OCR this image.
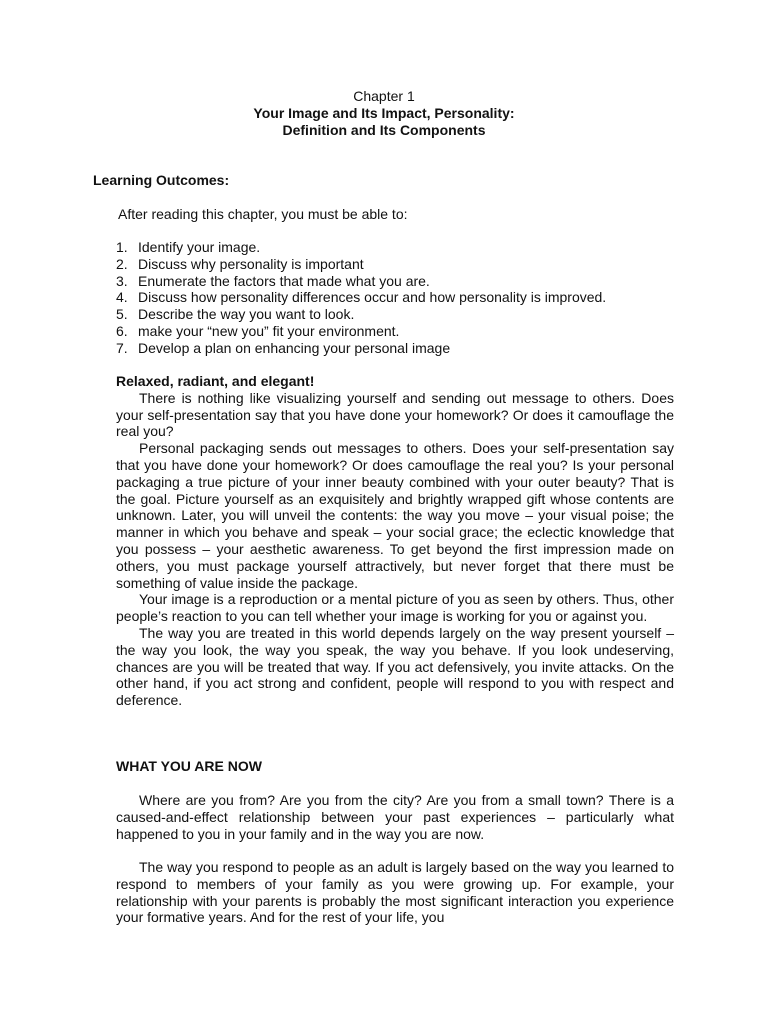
Chapter 1
Your Image and Its Impact, Personality:
Definition and Its Components
Learning Outcomes:
After reading this chapter, you must be able to:
1. Identify your image.
2. Discuss why personality is important
3. Enumerate the factors that made what you are.
4. Discuss how personality differences occur and how personality is improved.
5. Describe the way you want to look.
6. make your “new you” fit your environment.
7. Develop a plan on enhancing your personal image
Relaxed, radiant, and elegant!

There is nothing like visualizing yourself and sending out message to others. Does your self-presentation say that you have done your homework? Or does it camouflage the real you?

Personal packaging sends out messages to others. Does your self-presentation say that you have done your homework? Or does camouflage the real you? Is your personal packaging a true picture of your inner beauty combined with your outer beauty? That is the goal. Picture yourself as an exquisitely and brightly wrapped gift whose contents are unknown. Later, you will unveil the contents: the way you move – your visual poise; the manner in which you behave and speak – your social grace; the eclectic knowledge that you possess – your aesthetic awareness. To get beyond the first impression made on others, you must package yourself attractively, but never forget that there must be something of value inside the package.

Your image is a reproduction or a mental picture of you as seen by others. Thus, other people’s reaction to you can tell whether your image is working for you or against you.

The way you are treated in this world depends largely on the way present yourself – the way you look, the way you speak, the way you behave. If you look undeserving, chances are you will be treated that way. If you act defensively, you invite attacks. On the other hand, if you act strong and confident, people will respond to you with respect and deference.

WHAT YOU ARE NOW

Where are you from? Are you from the city? Are you from a small town? There is a caused-and-effect relationship between your past experiences – particularly what happened to you in your family and in the way you are now.

The way you respond to people as an adult is largely based on the way you learned to respond to members of your family as you were growing up. For example, your relationship with your parents is probably the most significant interaction you experience your formative years. And for the rest of your life, you
